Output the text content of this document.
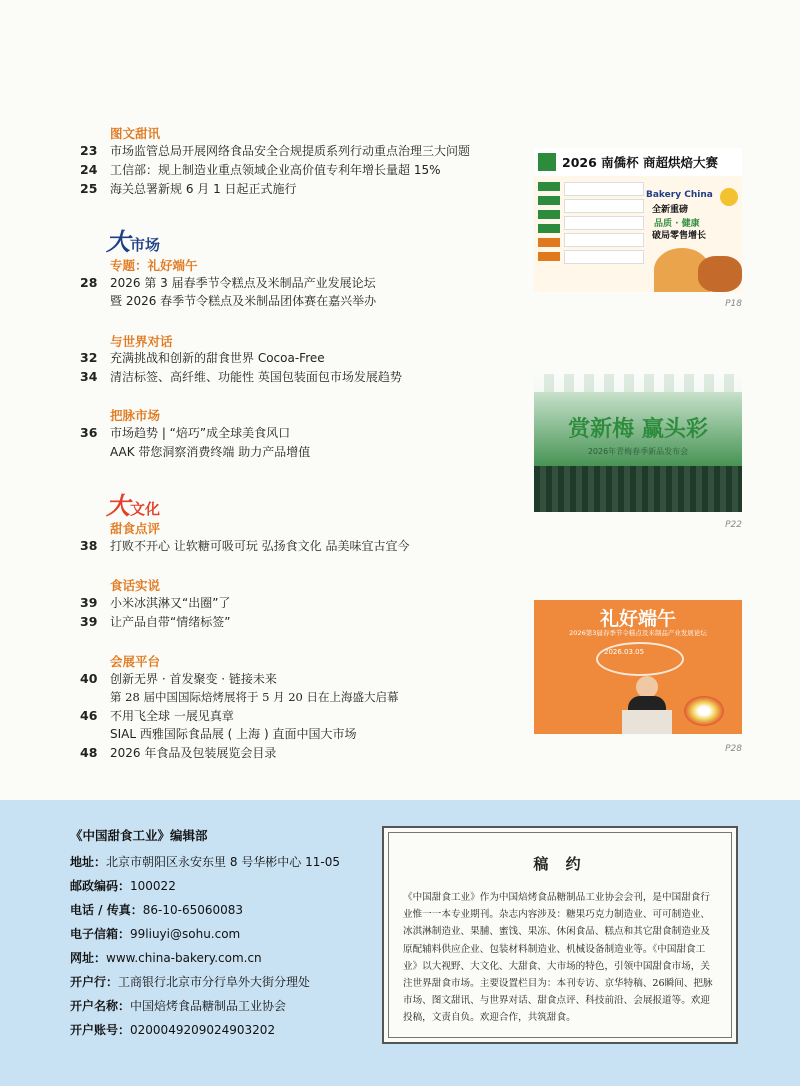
图文甜讯
23 市场监管总局开展网络食品安全合规提质系列行动重点治理三大问题
24 工信部：规上制造业重点领域企业高价值专利年增长量超 15%
25 海关总署新规 6 月 1 日起正式施行
大市场
专题：礼好端午
28 2026 第 3 届春季节令糕点及米制品产业发展论坛
暨 2026 春季节令糕点及米制品团体赛在嘉兴举办
与世界对话
32 充满挑战和创新的甜食世界 Cocoa-Free
34 清洁标签、高纤维、功能性 英国包装面包市场发展趋势
把脉市场
36 市场趋势 | “焙巧”成全球美食风口
AAK 带您洞察消费终端 助力产品增值
大文化
甜食点评
38 打败不开心 让软糖可吸可玩 弘扬食文化 品美味宜古宜今
食话实说
39 小米冰淇淋又“出圈”了
39 让产品自带“情绪标签”
会展平台
40 创新无界 · 首发聚变 · 链接未来
第 28 届中国国际焙烤展将于 5 月 20 日在上海盛大启幕
46 不用飞全球 一展见真章
SIAL 西雅国际食品展 ( 上海 ) 直面中国大市场
48 2026 年食品及包装展览会目录
2026 南僑杯 商超烘焙大赛
Bakery China
全新重磅
品质 · 健康
破局零售增长
P18
赏新梅 赢头彩
2026年青梅春季新品发布会
P22
礼好端午
2026第3届春季节令糕点及米制品产业发展论坛
2026.03.05
P28
《中国甜食工业》编辑部
地址：北京市朝阳区永安东里 8 号华彬中心 11-05
邮政编码：100022
电话 / 传真：86-10-65060083
电子信箱：99liuyi@sohu.com
网址：www.china-bakery.com.cn
开户行：工商银行北京市分行阜外大街分理处
开户名称：中国焙烤食品糖制品工业协会
开户账号：0200049209024903202
稿 约
《中国甜食工业》作为中国焙烤食品糖制品工业协会会刊，是中国甜食行业惟一一本专业期刊。杂志内容涉及：糖果巧克力制造业、可可制造业、冰淇淋制造业、果脯、蜜饯、果冻、休闲食品、糕点和其它甜食制造业及原配辅料供应企业、包装材料制造业、机械设备制造业等。《中国甜食工业》以大视野、大文化、大甜食、大市场的特色，引领中国甜食市场，关注世界甜食市场。主要设置栏目为：本刊专访、京华特稿、26瞬间、把脉市场、图文甜讯、与世界对话、甜食点评、科技前沿、会展报道等。欢迎投稿，文责自负。欢迎合作，共筑甜食。
